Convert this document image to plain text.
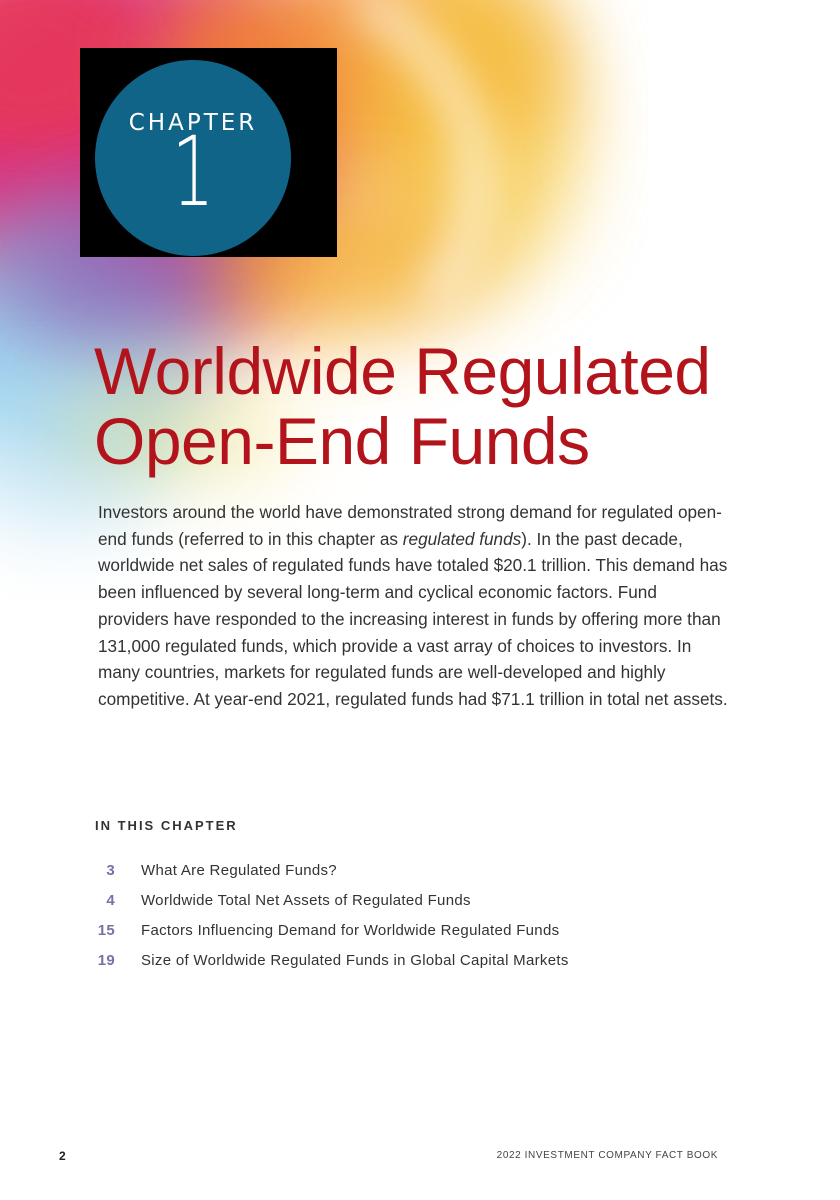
CHAPTER
1
Worldwide Regulated
Open-End Funds

Investors around the world have demonstrated strong demand for regulated open-end funds (referred to in this chapter as regulated funds). In the past decade, worldwide net sales of regulated funds have totaled $20.1 trillion. This demand has been influenced by several long-term and cyclical economic factors. Fund providers have responded to the increasing interest in funds by offering more than 131,000 regulated funds, which provide a vast array of choices to investors. In many countries, markets for regulated funds are well-developed and highly competitive. At year-end 2021, regulated funds had $71.1 trillion in total net assets.

IN THIS CHAPTER
3 What Are Regulated Funds?
4 Worldwide Total Net Assets of Regulated Funds
15 Factors Influencing Demand for Worldwide Regulated Funds
19 Size of Worldwide Regulated Funds in Global Capital Markets
2	2022 INVESTMENT COMPANY FACT BOOK
